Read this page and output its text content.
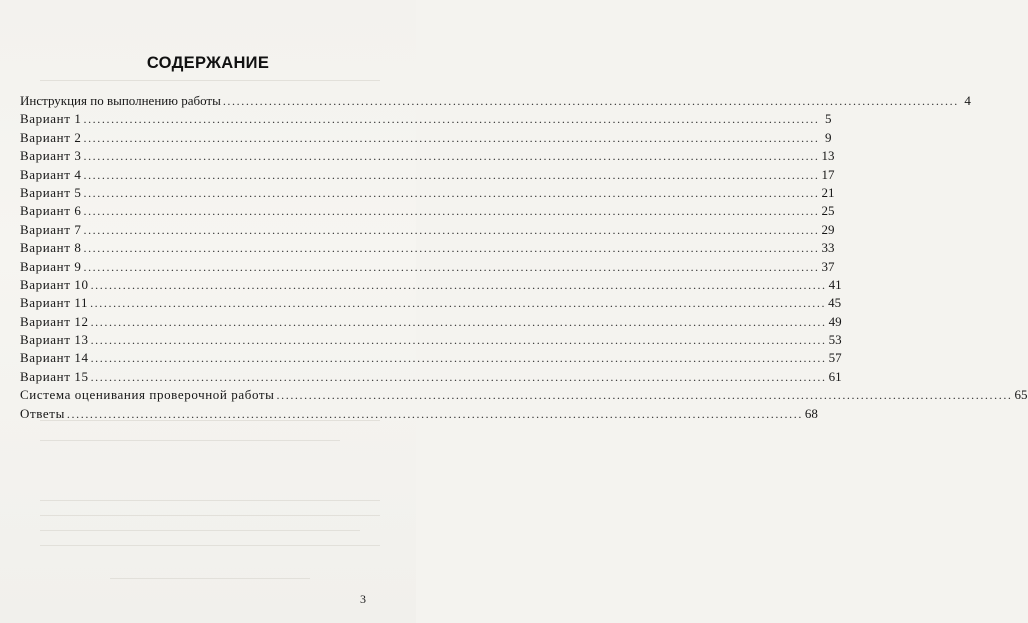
СОДЕРЖАНИЕ
Инструкция по выполнению работы ................................................................................................................................................................ 4
Вариант 1 ................................................................................................................................................................ 5
Вариант 2 ................................................................................................................................................................ 9
Вариант 3 ................................................................................................................................................................ 13
Вариант 4 ................................................................................................................................................................ 17
Вариант 5 ................................................................................................................................................................ 21
Вариант 6 ................................................................................................................................................................ 25
Вариант 7 ................................................................................................................................................................ 29
Вариант 8 ................................................................................................................................................................ 33
Вариант 9 ................................................................................................................................................................ 37
Вариант 10 ................................................................................................................................................................ 41
Вариант 11 ................................................................................................................................................................ 45
Вариант 12 ................................................................................................................................................................ 49
Вариант 13 ................................................................................................................................................................ 53
Вариант 14 ................................................................................................................................................................ 57
Вариант 15 ................................................................................................................................................................ 61
Система оценивания проверочной работы ................................................................................................................................................................ 65
Ответы ................................................................................................................................................................ 68
3
